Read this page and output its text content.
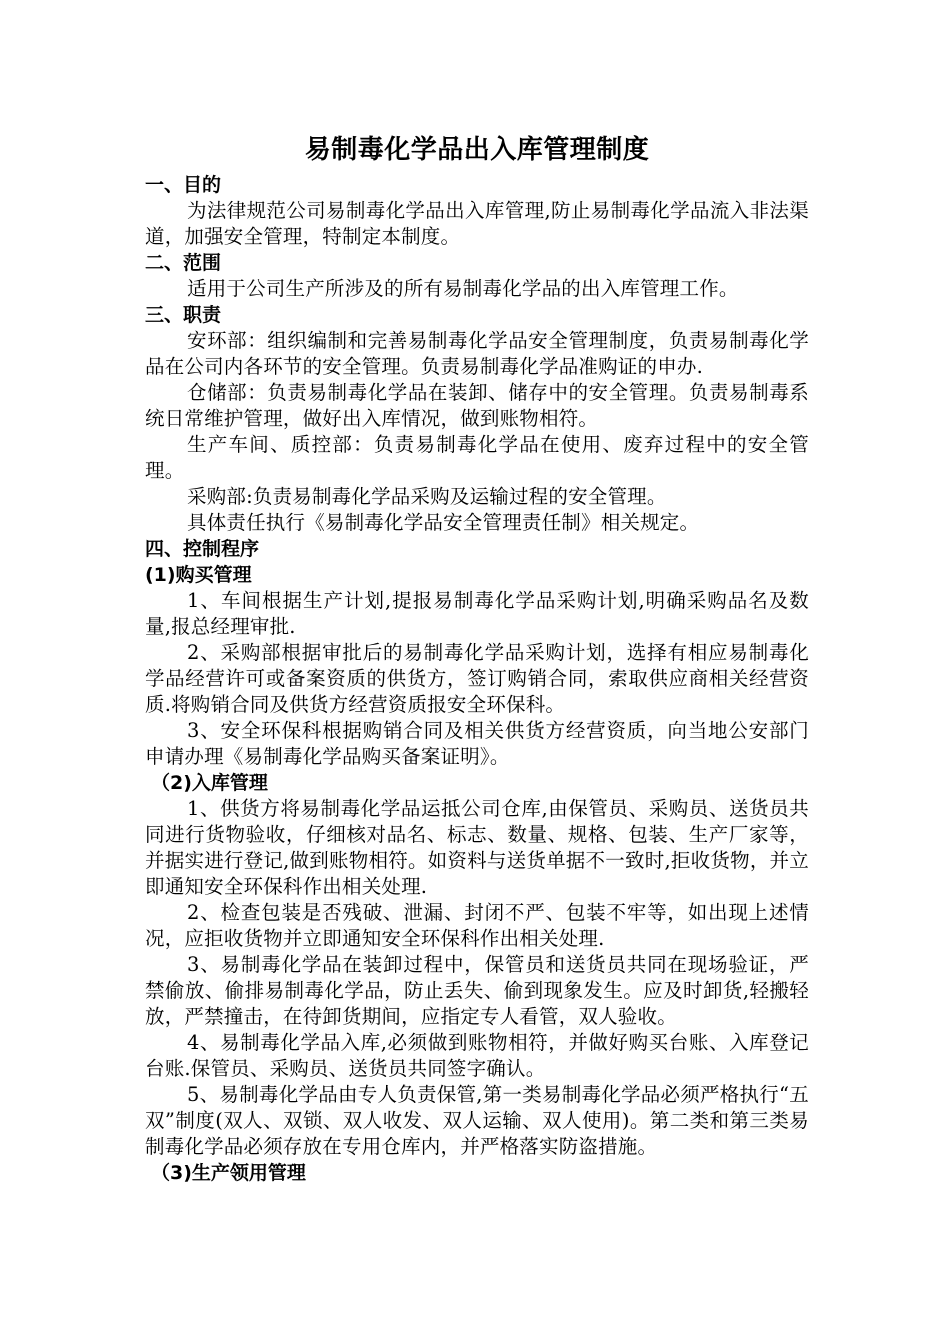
易制毒化学品出入库管理制度
一、目的

为法律规范公司易制毒化学品出入库管理,防止易制毒化学品流入非法渠道，加强安全管理，特制定本制度。

二、范围

适用于公司生产所涉及的所有易制毒化学品的出入库管理工作。

三、职责

安环部：组织编制和完善易制毒化学品安全管理制度，负责易制毒化学品在公司内各环节的安全管理。负责易制毒化学品准购证的申办.

仓储部：负责易制毒化学品在装卸、储存中的安全管理。负责易制毒系统日常维护管理，做好出入库情况，做到账物相符。

生产车间、质控部：负责易制毒化学品在使用、废弃过程中的安全管理。

采购部:负责易制毒化学品采购及运输过程的安全管理。

具体责任执行《易制毒化学品安全管理责任制》相关规定。

四、控制程序
(1)购买管理

1、车间根据生产计划,提报易制毒化学品采购计划,明确采购品名及数量,报总经理审批.

2、采购部根据审批后的易制毒化学品采购计划，选择有相应易制毒化学品经营许可或备案资质的供货方，签订购销合同，索取供应商相关经营资质.将购销合同及供货方经营资质报安全环保科。

3、安全环保科根据购销合同及相关供货方经营资质，向当地公安部门申请办理《易制毒化学品购买备案证明》。

（2)入库管理

1、供货方将易制毒化学品运抵公司仓库,由保管员、采购员、送货员共同进行货物验收，仔细核对品名、标志、数量、规格、包装、生产厂家等，并据实进行登记,做到账物相符。如资料与送货单据不一致时,拒收货物，并立即通知安全环保科作出相关处理.

2、检查包装是否残破、泄漏、封闭不严、包装不牢等，如出现上述情况，应拒收货物并立即通知安全环保科作出相关处理.

3、易制毒化学品在装卸过程中，保管员和送货员共同在现场验证，严禁偷放、偷排易制毒化学品，防止丢失、偷到现象发生。应及时卸货,轻搬轻放，严禁撞击，在待卸货期间，应指定专人看管，双人验收。

4、易制毒化学品入库,必须做到账物相符，并做好购买台账、入库登记台账.保管员、采购员、送货员共同签字确认。

5、易制毒化学品由专人负责保管,第一类易制毒化学品必须严格执行“五双”制度(双人、双锁、双人收发、双人运输、双人使用)。第二类和第三类易制毒化学品必须存放在专用仓库内，并严格落实防盗措施。

（3)生产领用管理
